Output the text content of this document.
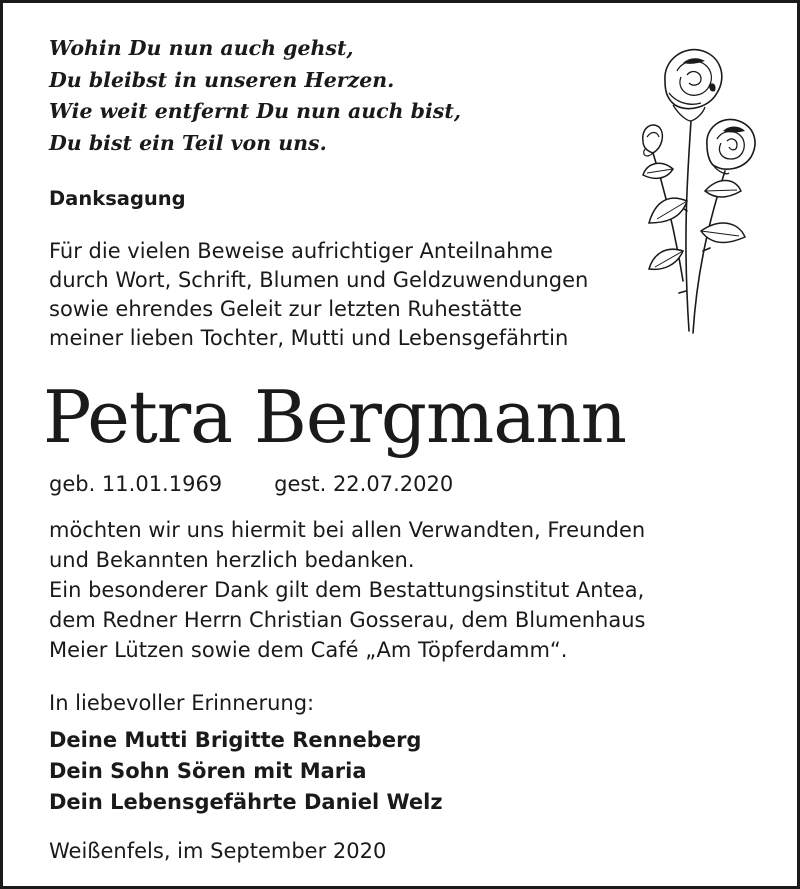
Wohin Du nun auch gehst,
Du bleibst in unseren Herzen.
Wie weit entfernt Du nun auch bist,
Du bist ein Teil von uns.
Danksagung
Für die vielen Beweise aufrichtiger Anteilnahme
durch Wort, Schrift, Blumen und Geldzuwendungen
sowie ehrendes Geleit zur letzten Ruhestätte
meiner lieben Tochter, Mutti und Lebensgefährtin
Petra Bergmann
geb. 11.01.1969 gest. 22.07.2020
möchten wir uns hiermit bei allen Verwandten, Freunden
und Bekannten herzlich bedanken.
Ein besonderer Dank gilt dem Bestattungsinstitut Antea,
dem Redner Herrn Christian Gosserau, dem Blumenhaus
Meier Lützen sowie dem Café „Am Töpferdamm“.
In liebevoller Erinnerung:
Deine Mutti Brigitte Renneberg
Dein Sohn Sören mit Maria
Dein Lebensgefährte Daniel Welz
Weißenfels, im September 2020
